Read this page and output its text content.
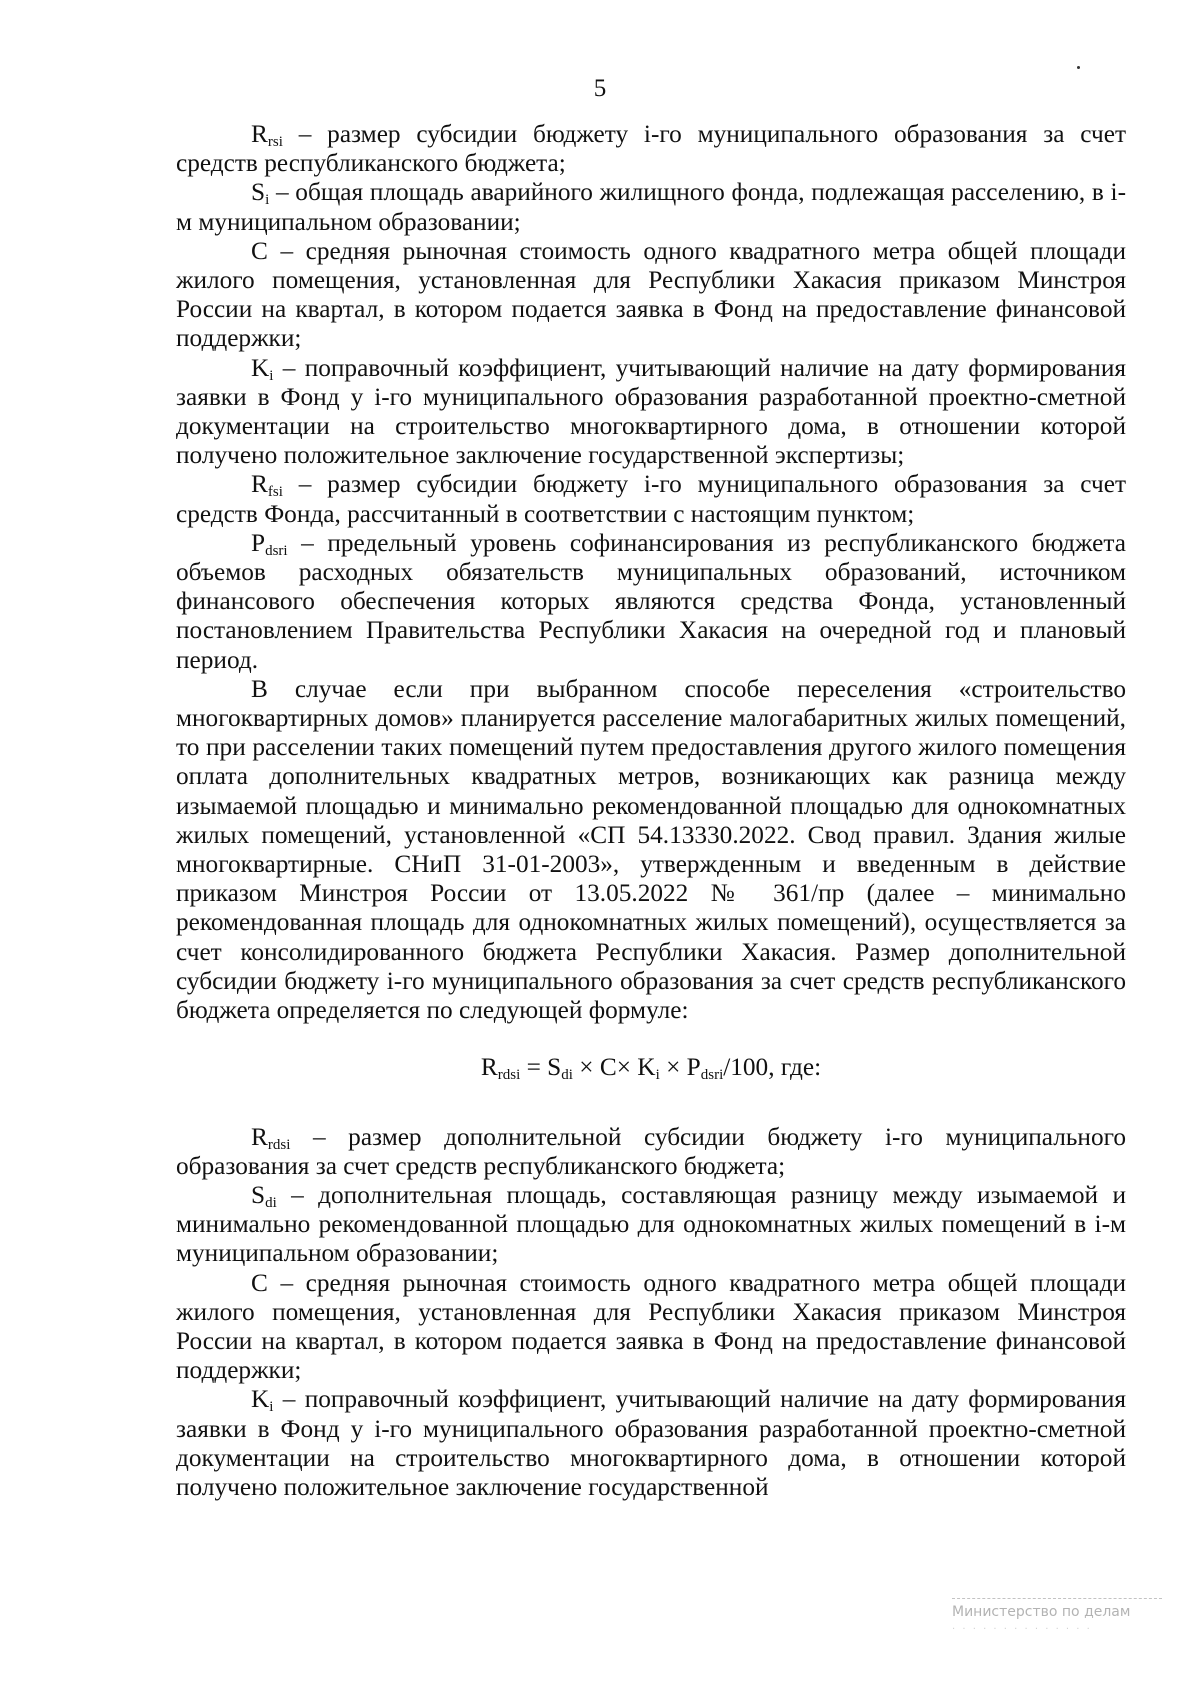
5

$R_{rsi}$ – размер субсидии бюджету i-го муниципального образования за счет средств республиканского бюджета;

$S_i$ – общая площадь аварийного жилищного фонда, подлежащая расселению, в i-м муниципальном образовании;

C – средняя рыночная стоимость одного квадратного метра общей площади жилого помещения, установленная для Республики Хакасия приказом Минстроя России на квартал, в котором подается заявка в Фонд на предоставление финансовой поддержки;

$K_i$ – поправочный коэффициент, учитывающий наличие на дату формирования заявки в Фонд у i-го муниципального образования разработанной проектно-сметной документации на строительство многоквартирного дома, в отношении которой получено положительное заключение государственной экспертизы;

$R_{fsi}$ – размер субсидии бюджету i-го муниципального образования за счет средств Фонда, рассчитанный в соответствии с настоящим пунктом;

$P_{dsri}$ – предельный уровень софинансирования из республиканского бюджета объемов расходных обязательств муниципальных образований, источником финансового обеспечения которых являются средства Фонда, установленный постановлением Правительства Республики Хакасия на очередной год и плановый период.

В случае если при выбранном способе переселения «строительство многоквартирных домов» планируется расселение малогабаритных жилых помещений, то при расселении таких помещений путем предоставления другого жилого помещения оплата дополнительных квадратных метров, возникающих как разница между изымаемой площадью и минимально рекомендованной площадью для однокомнатных жилых помещений, установленной «СП 54.13330.2022. Свод правил. Здания жилые многоквартирные. СНиП 31-01-2003», утвержденным и введенным в действие приказом Минстроя России от 13.05.2022 № 361/пр (далее – минимально рекомендованная площадь для однокомнатных жилых помещений), осуществляется за счет консолидированного бюджета Республики Хакасия. Размер дополнительной субсидии бюджету i-го муниципального образования за счет средств республиканского бюджета определяется по следующей формуле:

$R_{rdsi} = S_{di} \times C\times K_i \times P_{dsri}/100$, где:

$R_{rdsi}$ – размер дополнительной субсидии бюджету i-го муниципального образования за счет средств республиканского бюджета;

$S_{di}$ – дополнительная площадь, составляющая разницу между изымаемой и минимально рекомендованной площадью для однокомнатных жилых помещений в i-м муниципальном образовании;

C – средняя рыночная стоимость одного квадратного метра общей площади жилого помещения, установленная для Республики Хакасия приказом Минстроя России на квартал, в котором подается заявка в Фонд на предоставление финансовой поддержки;

$K_i$ – поправочный коэффициент, учитывающий наличие на дату формирования заявки в Фонд у i-го муниципального образования разработанной проектно-сметной документации на строительство многоквартирного дома, в отношении которой получено положительное заключение государственной

Министерство по делам
· · · · · · · · · · · · · ·
